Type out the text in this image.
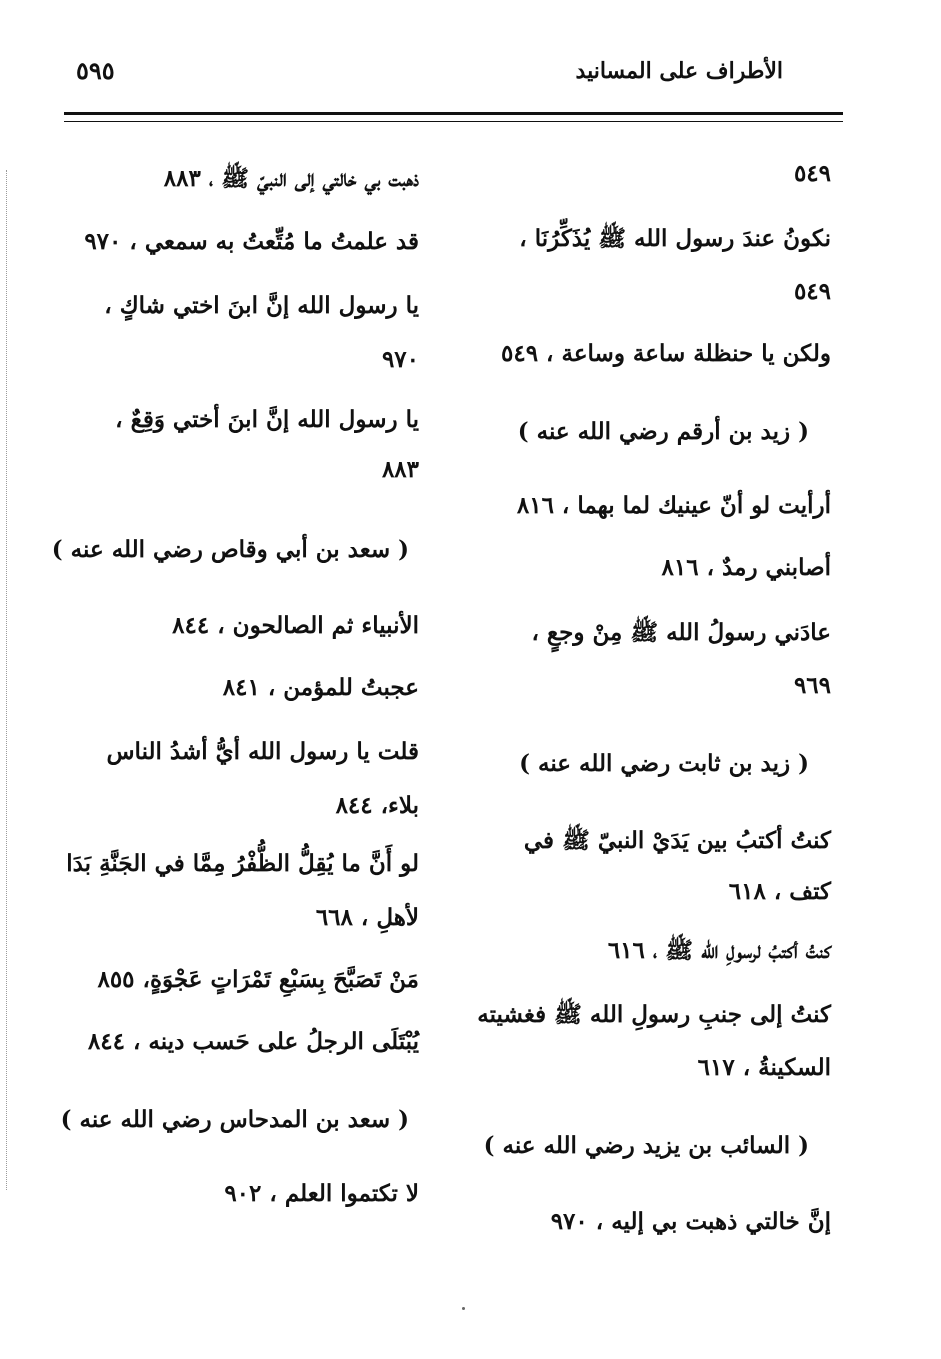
الأطراف على المسانيد
٥٩٥
٥٤٩
نكونُ عندَ رسول الله ﷺ يُذَكِّرُنَا ،
٥٤٩
ولكن يا حنظلة ساعة وساعة ، ٥٤٩
( زيد بن أرقم رضي الله عنه )
أرأيت لو أنّ عينيك لما بهما ، ٨١٦
أصابني رمدٌ ، ٨١٦
عادَني رسولُ الله ﷺ مِنْ وجعٍ ،
٩٦٩
( زيد بن ثابت رضي الله عنه )
كنتُ أكتبُ بين يَدَيْ النبيّ ﷺ في
كتف ، ٦١٨
كنتُ أكتبُ لرسولِ الله ﷺ ، ٦١٦
كنتُ إلى جنبِ رسولِ الله ﷺ فغشيته
السكينةُ ، ٦١٧
( السائب بن يزيد رضي الله عنه )
إنَّ خالتي ذهبت بي إليه ، ٩٧٠
ذهبت بي خالتي إلى النبيّ ﷺ ، ٨٨٣
قد علمتُ ما مُتِّعتُ به سمعي ، ٩٧٠
يا رسول الله إنَّ ابنَ اختي شاكٍ ،
٩٧٠
يا رسول الله إنَّ ابنَ أختي وَقِعٌ ،
٨٨٣
( سعد بن أبي وقاص رضي الله عنه )
الأنبياء ثم الصالحون ، ٨٤٤
عجبتُ للمؤمن ، ٨٤١
قلت يا رسول الله أيُّ أشدُ الناس
بلاء، ٨٤٤
لو أَنَّ ما يُقِلُّ الظُّفْرُ مِمَّا في الجَنَّةِ بَدَا
لأهلِ ، ٦٦٨
مَنْ تَصَبَّحَ بِسَبْعِ تَمْرَاتٍ عَجْوَةٍ، ٨٥٥
يُبْتَلَى الرجلُ على حَسب دينه ، ٨٤٤
( سعد بن المدحاس رضي الله عنه )
لا تكتموا العلم ، ٩٠٢
